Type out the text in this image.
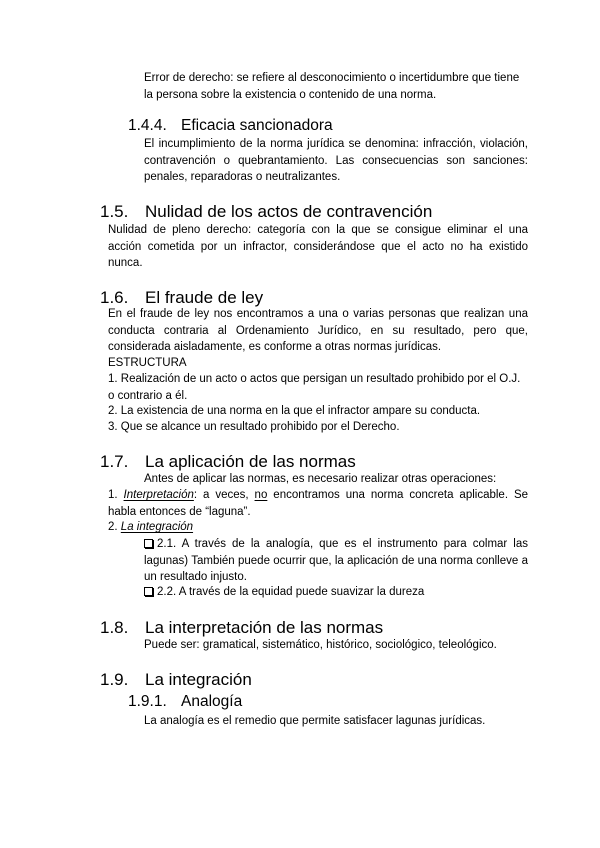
Error de derecho: se refiere al desconocimiento o incertidumbre que tiene la persona sobre la existencia o contenido de una norma.

1.4.4. Eficacia sancionadora

El incumplimiento de la norma jurídica se denomina: infracción, violación, contravención o quebrantamiento. Las consecuencias son sanciones: penales, reparadoras o neutralizantes.

1.5. Nulidad de los actos de contravención

Nulidad de pleno derecho: categoría con la que se consigue eliminar el una acción cometida por un infractor, considerándose que el acto no ha existido nunca.

1.6. El fraude de ley

En el fraude de ley nos encontramos a una o varias personas que realizan una conducta contraria al Ordenamiento Jurídico, en su resultado, pero que, considerada aisladamente, es conforme a otras normas jurídicas.

ESTRUCTURA

1. Realización de un acto o actos que persigan un resultado prohibido por el O.J. o contrario a él.

2. La existencia de una norma en la que el infractor ampare su conducta.

3. Que se alcance un resultado prohibido por el Derecho.

1.7. La aplicación de las normas

Antes de aplicar las normas, es necesario realizar otras operaciones:

1. Interpretación: a veces, no encontramos una norma concreta aplicable. Se habla entonces de “laguna”.

2. La integración

2.1. A través de la analogía, que es el instrumento para colmar las lagunas) También puede ocurrir que, la aplicación de una norma conlleve a un resultado injusto.
2.2. A través de la equidad puede suavizar la dureza
1.8. La interpretación de las normas

Puede ser: gramatical, sistemático, histórico, sociológico, teleológico.

1.9. La integración
1.9.1. Analogía

La analogía es el remedio que permite satisfacer lagunas jurídicas.
